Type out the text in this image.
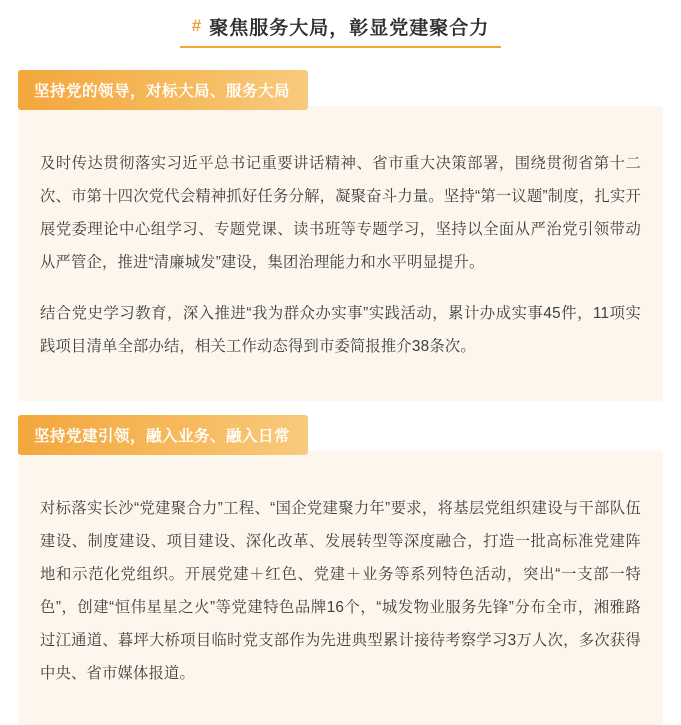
# 聚焦服务大局，彰显党建聚合力
坚持党的领导，对标大局、服务大局

及时传达贯彻落实习近平总书记重要讲话精神、省市重大决策部署，围绕贯彻省第十二次、市第十四次党代会精神抓好任务分解，凝聚奋斗力量。坚持“第一议题”制度，扎实开展党委理论中心组学习、专题党课、读书班等专题学习，坚持以全面从严治党引领带动从严管企，推进“清廉城发”建设，集团治理能力和水平明显提升。

结合党史学习教育，深入推进“我为群众办实事”实践活动，累计办成实事45件，11项实践项目清单全部办结，相关工作动态得到市委简报推介38条次。

坚持党建引领，融入业务、融入日常

对标落实长沙“党建聚合力”工程、“国企党建聚力年”要求，将基层党组织建设与干部队伍建设、制度建设、项目建设、深化改革、发展转型等深度融合，打造一批高标准党建阵地和示范化党组织。开展党建＋红色、党建＋业务等系列特色活动，突出“一支部一特色”，创建“恒伟星星之火”等党建特色品牌16个，“城发物业服务先锋”分布全市，湘雅路过江通道、暮坪大桥项目临时党支部作为先进典型累计接待考察学习3万人次，多次获得中央、省市媒体报道。
